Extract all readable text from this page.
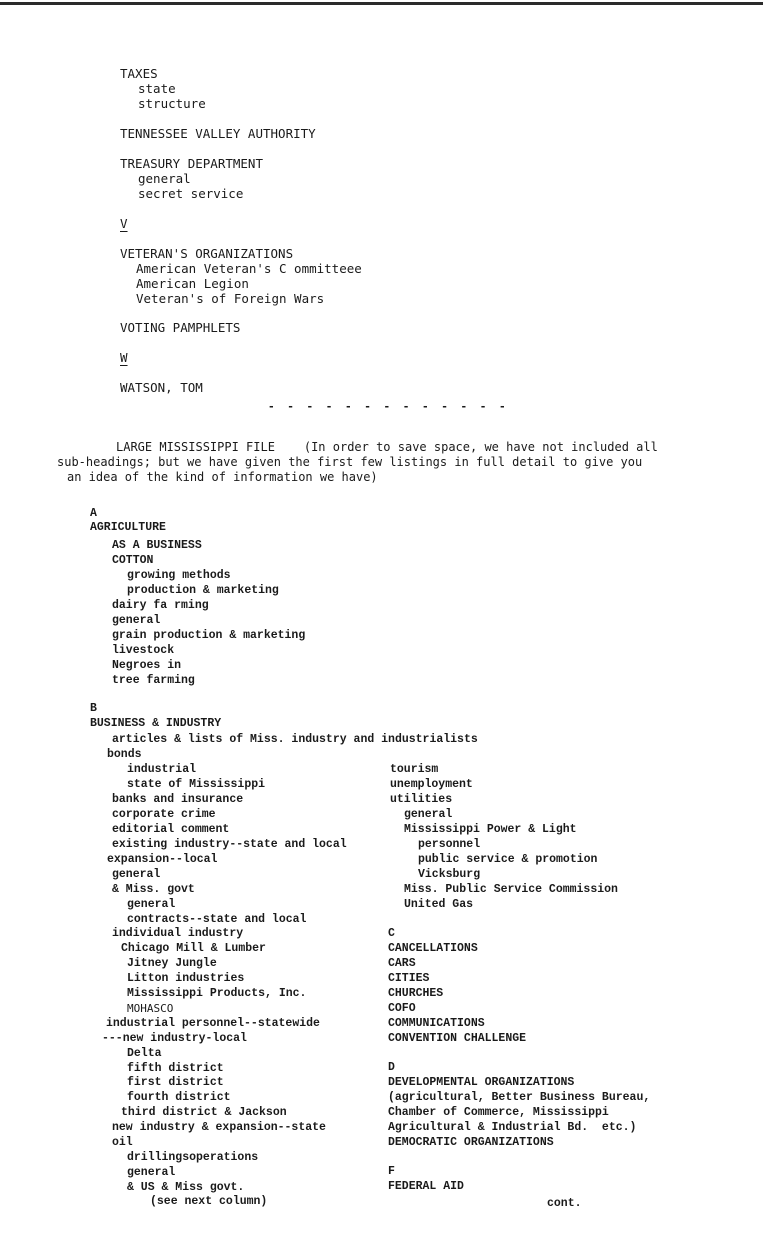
TAXES
state
structure
TENNESSEE VALLEY AUTHORITY
TREASURY DEPARTMENT
general
secret service
V
VETERAN'S ORGANIZATIONS
American Veteran's C ommitteee
American Legion
Veteran's of Foreign Wars
VOTING PAMPHLETS
W
WATSON, TOM
- - - - - - - - - - - - -
LARGE MISSISSIPPI FILE    (In order to save space, we have not included all
sub-headings; but we have given the first few listings in full detail to give you
an idea of the kind of information we have)
A
AGRICULTURE
AS A BUSINESS
COTTON
growing methods
production & marketing
dairy fa rming
general
grain production & marketing
livestock
Negroes in
tree farming
B
BUSINESS & INDUSTRY
articles & lists of Miss. industry and industrialists
bonds
industrial
state of Mississippi
banks and insurance
corporate crime
editorial comment
existing industry--state and local
expansion--local
general
& Miss. govt
general
contracts--state and local
individual industry
Chicago Mill & Lumber
Jitney Jungle
Litton industries
Mississippi Products, Inc.
MOHASCO
industrial personnel--statewide
---new industry-local
Delta
fifth district
first district
fourth district
third district & Jackson
new industry & expansion--state
oil
drillingsoperations
general
& US & Miss govt.
(see next column)
tourism
unemployment
utilities
general
Mississippi Power & Light
personnel
public service & promotion
Vicksburg
Miss. Public Service Commission
United Gas
C
CANCELLATIONS
CARS
CITIES
CHURCHES
COFO
COMMUNICATIONS
CONVENTION CHALLENGE
D
DEVELOPMENTAL ORGANIZATIONS
(agricultural, Better Business Bureau,
Chamber of Commerce, Mississippi
Agricultural & Industrial Bd.  etc.)
DEMOCRATIC ORGANIZATIONS
F
FEDERAL AID
cont.
